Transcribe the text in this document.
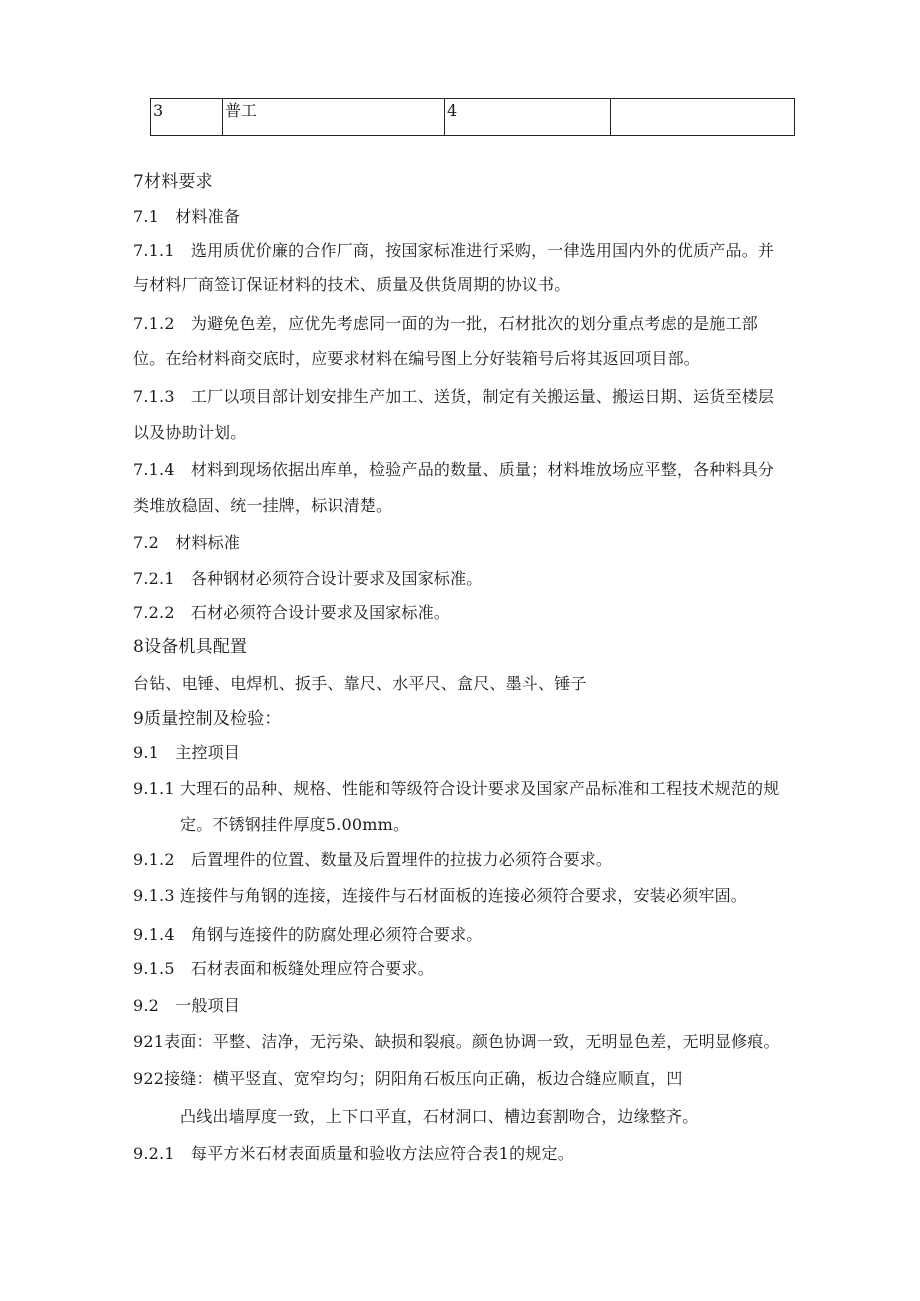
3	普工	4	
7材料要求
7.1　材料准备
7.1.1　选用质优价廉的合作厂商，按国家标准进行采购，一律选用国内外的优质产品。并
与材料厂商签订保证材料的技术、质量及供货周期的协议书。
7.1.2　为避免色差，应优先考虑同一面的为一批，石材批次的划分重点考虑的是施工部
位。在给材料商交底时，应要求材料在编号图上分好装箱号后将其返回项目部。
7.1.3　工厂以项目部计划安排生产加工、送货，制定有关搬运量、搬运日期、运货至楼层
以及协助计划。
7.1.4　材料到现场依据出库单，检验产品的数量、质量；材料堆放场应平整，各种料具分
类堆放稳固、统一挂牌，标识清楚。
7.2　材料标准
7.2.1　各种钢材必须符合设计要求及国家标准。
7.2.2　石材必须符合设计要求及国家标准。
8设备机具配置
台钻、电锤、电焊机、扳手、靠尺、水平尺、盒尺、墨斗、锤子
9质量控制及检验：
9.1　主控项目
9.1.1 大理石的品种、规格、性能和等级符合设计要求及国家产品标准和工程技术规范的规
定。不锈钢挂件厚度5.00mm。
9.1.2　后置埋件的位置、数量及后置埋件的拉拔力必须符合要求。
9.1.3 连接件与角钢的连接，连接件与石材面板的连接必须符合要求，安装必须牢固。
9.1.4　角钢与连接件的防腐处理必须符合要求。
9.1.5　石材表面和板缝处理应符合要求。
9.2　一般项目
921表面：平整、洁净，无污染、缺损和裂痕。颜色协调一致，无明显色差，无明显修痕。
922接缝：横平竖直、宽窄均匀；阴阳角石板压向正确，板边合缝应顺直，凹
凸线出墙厚度一致，上下口平直，石材洞口、槽边套割吻合，边缘整齐。
9.2.1　每平方米石材表面质量和验收方法应符合表1的规定。
